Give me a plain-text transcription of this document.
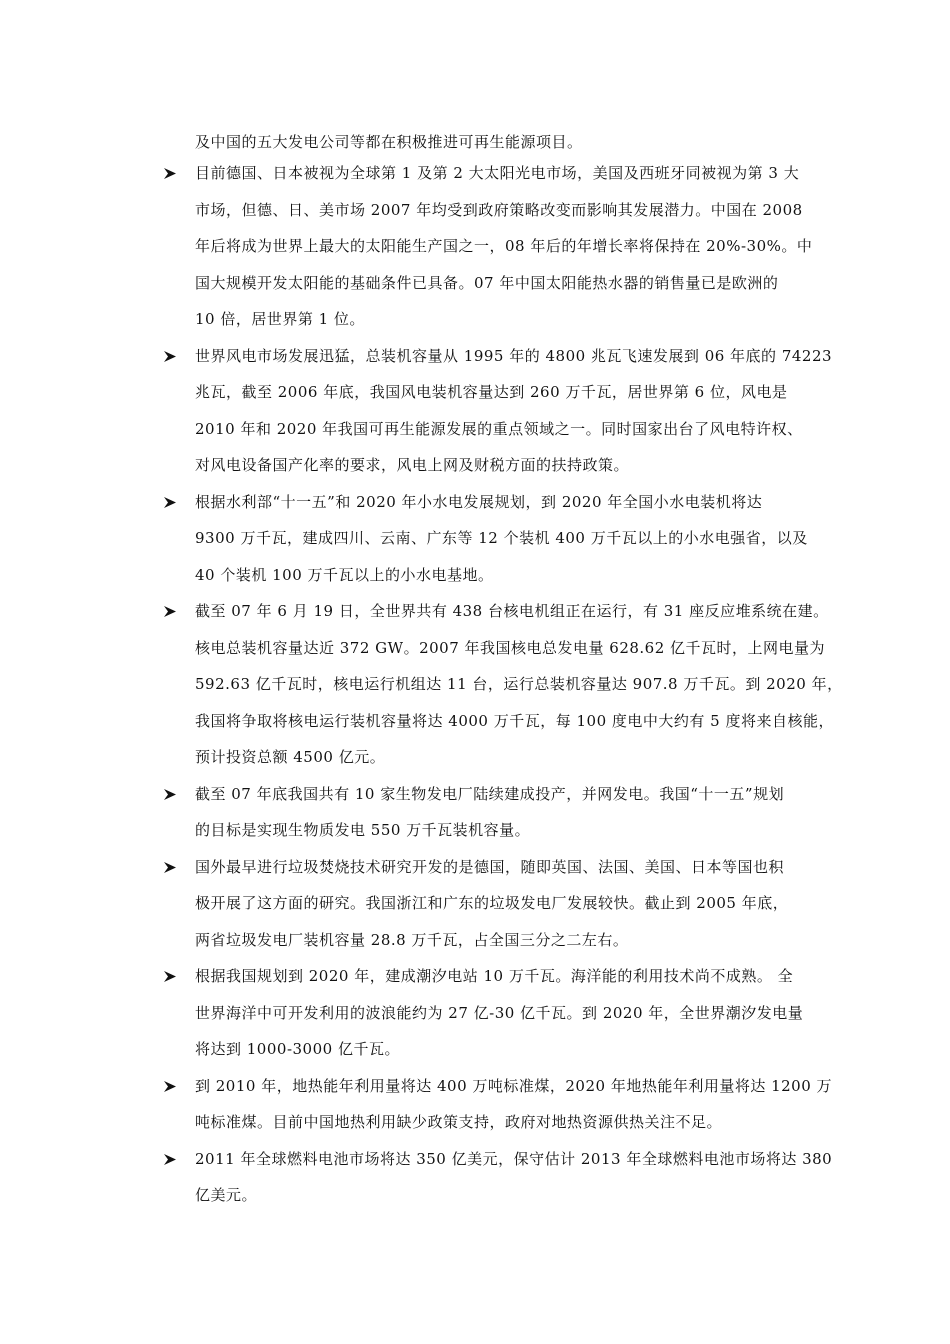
及中国的五大发电公司等都在积极推进可再生能源项目。
目前德国、日本被视为全球第 1 及第 2 大太阳光电市场，美国及西班牙同被视为第 3 大
市场，但德、日、美市场 2007 年均受到政府策略改变而影响其发展潜力。中国在 2008
年后将成为世界上最大的太阳能生产国之一，08 年后的年增长率将保持在 20%-30%。中
国大规模开发太阳能的基础条件已具备。07 年中国太阳能热水器的销售量已是欧洲的
10 倍，居世界第 1 位。
世界风电市场发展迅猛，总装机容量从 1995 年的 4800 兆瓦飞速发展到 06 年底的 74223
兆瓦，截至 2006 年底，我国风电装机容量达到 260 万千瓦，居世界第 6 位，风电是
2010 年和 2020 年我国可再生能源发展的重点领域之一。同时国家出台了风电特许权、
对风电设备国产化率的要求，风电上网及财税方面的扶持政策。
根据水利部“十一五”和 2020 年小水电发展规划，到 2020 年全国小水电装机将达
9300 万千瓦，建成四川、云南、广东等 12 个装机 400 万千瓦以上的小水电强省，以及
40 个装机 100 万千瓦以上的小水电基地。
截至 07 年 6 月 19 日，全世界共有 438 台核电机组正在运行，有 31 座反应堆系统在建。
核电总装机容量达近 372 GW。2007 年我国核电总发电量 628.62 亿千瓦时，上网电量为
592.63 亿千瓦时，核电运行机组达 11 台，运行总装机容量达 907.8 万千瓦。到 2020 年，
我国将争取将核电运行装机容量将达 4000 万千瓦，每 100 度电中大约有 5 度将来自核能，
预计投资总额 4500 亿元。
截至 07 年底我国共有 10 家生物发电厂陆续建成投产，并网发电。我国“十一五”规划
的目标是实现生物质发电 550 万千瓦装机容量。
国外最早进行垃圾焚烧技术研究开发的是德国，随即英国、法国、美国、日本等国也积
极开展了这方面的研究。我国浙江和广东的垃圾发电厂发展较快。截止到 2005 年底，
两省垃圾发电厂装机容量 28.8 万千瓦，占全国三分之二左右。
根据我国规划到 2020 年，建成潮汐电站 10 万千瓦。海洋能的利用技术尚不成熟。 全
世界海洋中可开发利用的波浪能约为 27 亿-30 亿千瓦。到 2020 年，全世界潮汐发电量
将达到 1000-3000 亿千瓦。
到 2010 年，地热能年利用量将达 400 万吨标准煤，2020 年地热能年利用量将达 1200 万
吨标准煤。目前中国地热利用缺少政策支持，政府对地热资源供热关注不足。
2011 年全球燃料电池市场将达 350 亿美元，保守估计 2013 年全球燃料电池市场将达 380
亿美元。
